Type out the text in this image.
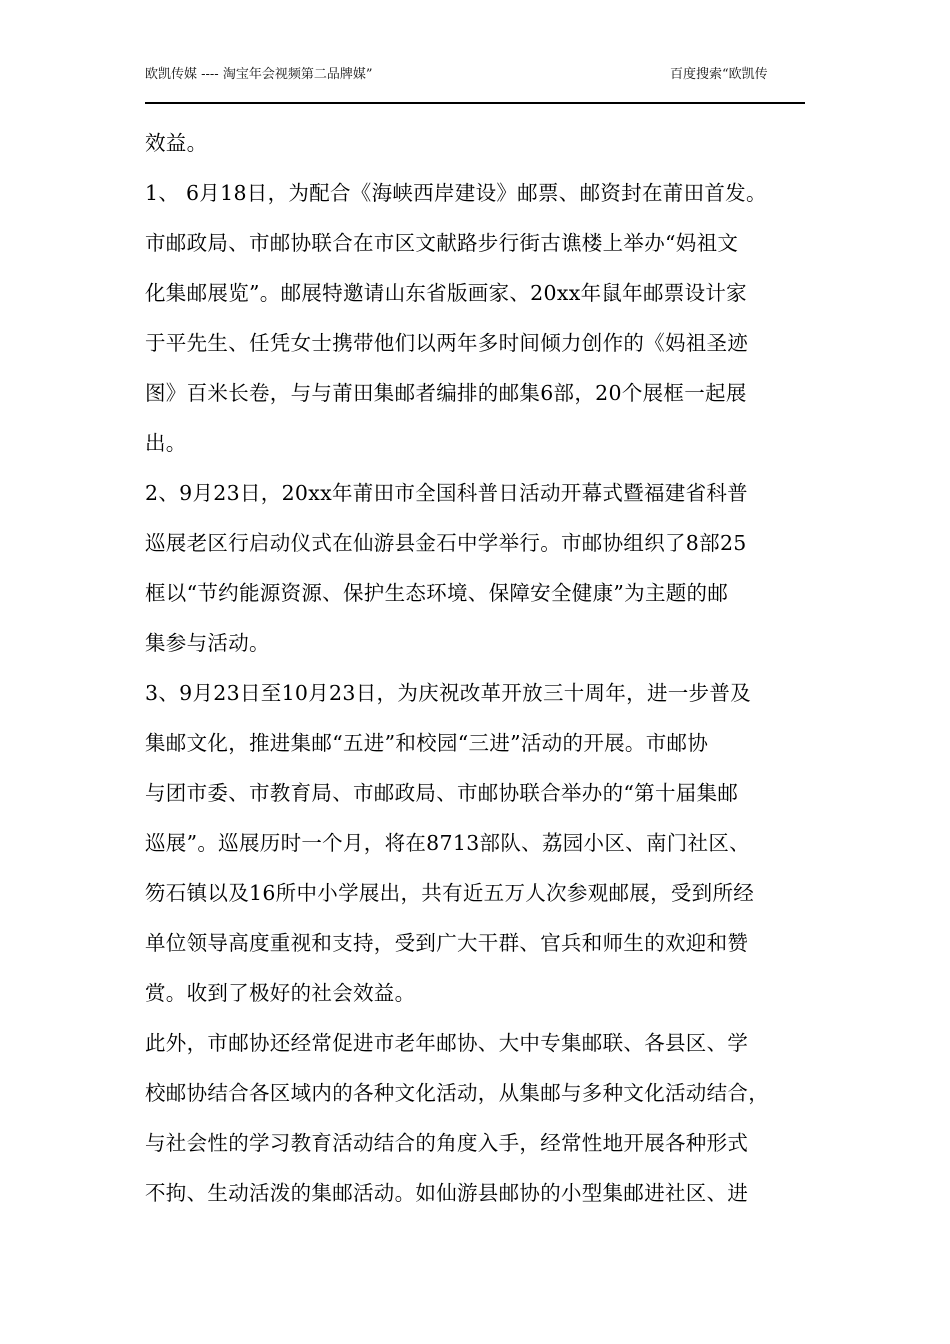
欧凯传媒 ---- 淘宝年会视频第二品牌媒”	百度搜索“欧凯传
效益。
1、 6月18日，为配合《海峡西岸建设》邮票、邮资封在莆田首发。
市邮政局、市邮协联合在市区文献路步行街古谯楼上举办“妈祖文
化集邮展览”。邮展特邀请山东省版画家、20xx年鼠年邮票设计家
于平先生、任凭女士携带他们以两年多时间倾力创作的《妈祖圣迹
图》百米长卷，与与莆田集邮者编排的邮集6部，20个展框一起展
出。
2、9月23日，20xx年莆田市全国科普日活动开幕式暨福建省科普
巡展老区行启动仪式在仙游县金石中学举行。市邮协组织了8部25
框以“节约能源资源、保护生态环境、保障安全健康”为主题的邮
集参与活动。
3、9月23日至10月23日，为庆祝改革开放三十周年，进一步普及
集邮文化，推进集邮“五进”和校园“三进”活动的开展。市邮协
与团市委、市教育局、市邮政局、市邮协联合举办的“第十届集邮
巡展”。巡展历时一个月，将在8713部队、荔园小区、南门社区、
笏石镇以及16所中小学展出，共有近五万人次参观邮展，受到所经
单位领导高度重视和支持，受到广大干群、官兵和师生的欢迎和赞
赏。收到了极好的社会效益。
此外，市邮协还经常促进市老年邮协、大中专集邮联、各县区、学
校邮协结合各区域内的各种文化活动，从集邮与多种文化活动结合，
与社会性的学习教育活动结合的角度入手，经常性地开展各种形式
不拘、生动活泼的集邮活动。如仙游县邮协的小型集邮进社区、进
